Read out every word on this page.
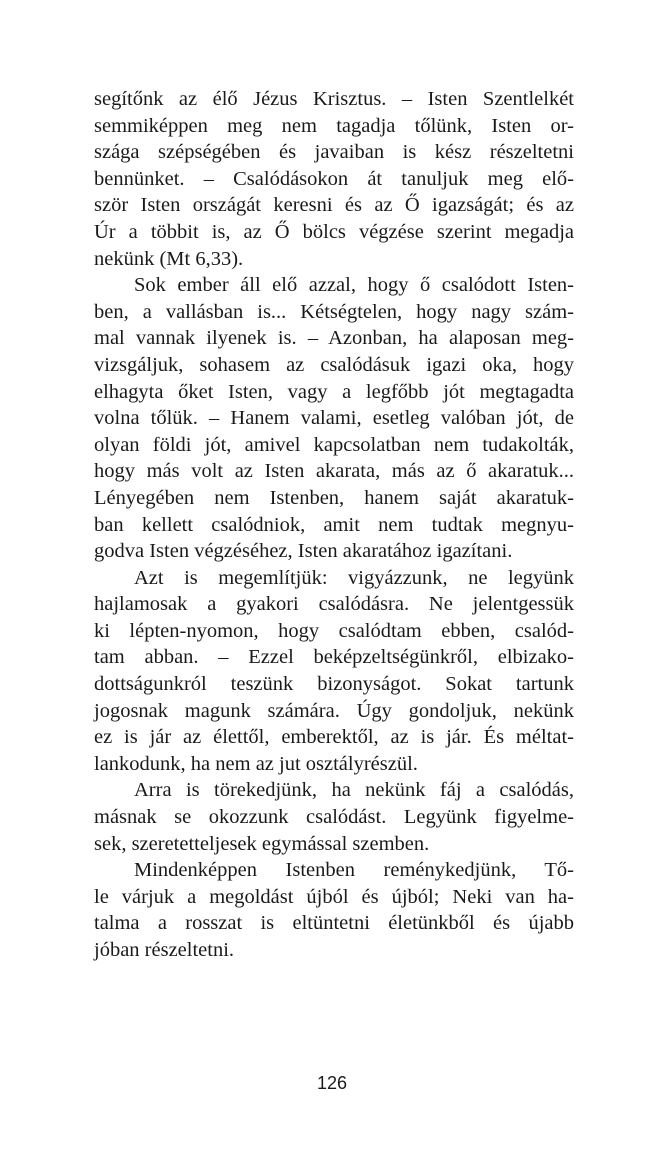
segítőnk az élő Jézus Krisztus. – Isten Szentlelkét
semmiképpen meg nem tagadja tőlünk, Isten or-
szága szépségében és javaiban is kész részeltetni
bennünket. – Csalódásokon át tanuljuk meg elő-
ször Isten országát keresni és az Ő igazságát; és az
Úr a többit is, az Ő bölcs végzése szerint megadja
nekünk (Mt 6,33).
Sok ember áll elő azzal, hogy ő csalódott Isten-
ben, a vallásban is... Kétségtelen, hogy nagy szám-
mal vannak ilyenek is. – Azonban, ha alaposan meg-
vizsgáljuk, sohasem az csalódásuk igazi oka, hogy
elhagyta őket Isten, vagy a legfőbb jót megtagadta
volna tőlük. – Hanem valami, esetleg valóban jót, de
olyan földi jót, amivel kapcsolatban nem tudakolták,
hogy más volt az Isten akarata, más az ő akaratuk...
Lényegében nem Istenben, hanem saját akaratuk-
ban kellett csalódniok, amit nem tudtak megnyu-
godva Isten végzéséhez, Isten akaratához igazítani.
Azt is megemlítjük: vigyázzunk, ne legyünk
hajlamosak a gyakori csalódásra. Ne jelentgessük
ki lépten-nyomon, hogy csalódtam ebben, csalód-
tam abban. – Ezzel beképzeltségünkről, elbizako-
dottságunkról teszünk bizonyságot. Sokat tartunk
jogosnak magunk számára. Úgy gondoljuk, nekünk
ez is jár az élettől, emberektől, az is jár. És méltat-
lankodunk, ha nem az jut osztályrészül.
Arra is törekedjünk, ha nekünk fáj a csalódás,
másnak se okozzunk csalódást. Legyünk figyelme-
sek, szeretetteljesek egymással szemben.
Mindenképpen Istenben reménykedjünk, Tő-
le várjuk a megoldást újból és újból; Neki van ha-
talma a rosszat is eltüntetni életünkből és újabb
jóban részeltetni.
126
